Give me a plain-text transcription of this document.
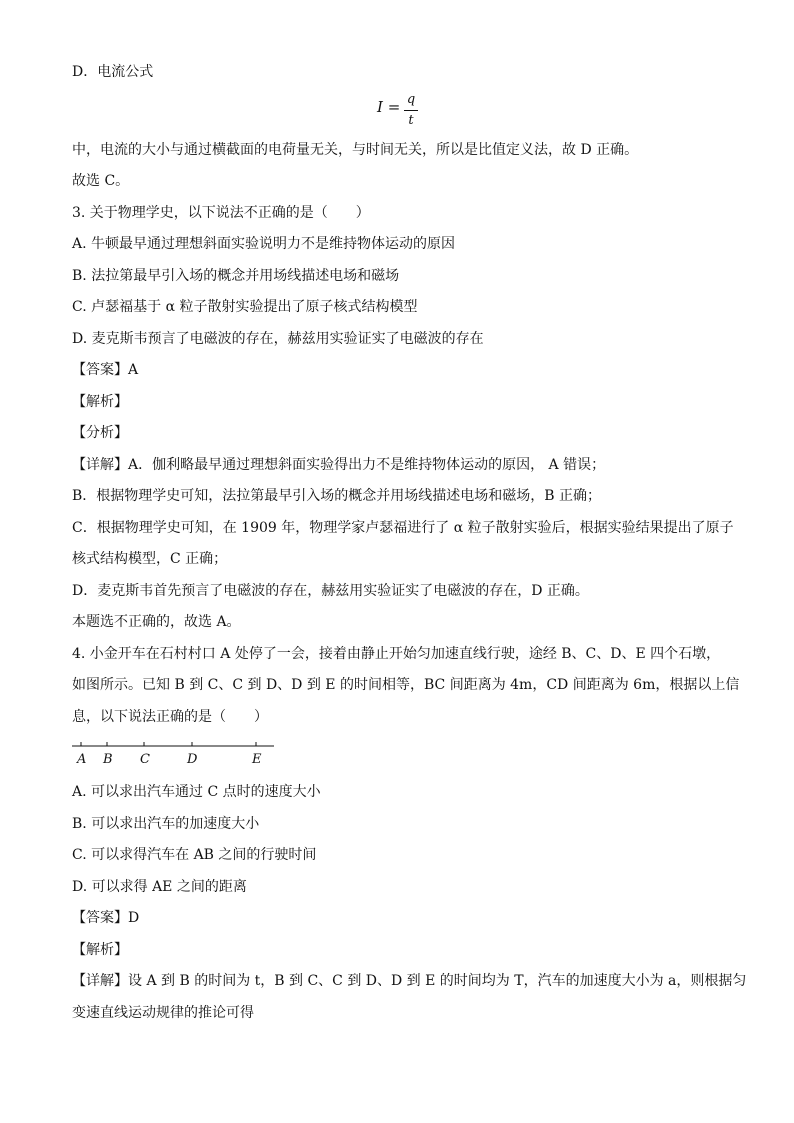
D．电流公式
I = q
t
中，电流的大小与通过横截面的电荷量无关，与时间无关，所以是比值定义法，故 D 正确。
故选 C。
3. 关于物理学史，以下说法不正确的是（　　）
A. 牛顿最早通过理想斜面实验说明力不是维持物体运动的原因
B. 法拉第最早引入场的概念并用场线描述电场和磁场
C. 卢瑟福基于 α 粒子散射实验提出了原子核式结构模型
D. 麦克斯韦预言了电磁波的存在，赫兹用实验证实了电磁波的存在
【答案】A
【解析】
【分析】
【详解】A．伽利略最早通过理想斜面实验得出力不是维持物体运动的原因， A 错误；
B．根据物理学史可知，法拉第最早引入场的概念并用场线描述电场和磁场，B 正确；
C．根据物理学史可知，在 1909 年，物理学家卢瑟福进行了 α 粒子散射实验后，根据实验结果提出了原子
核式结构模型，C 正确；
D．麦克斯韦首先预言了电磁波的存在，赫兹用实验证实了电磁波的存在，D 正确。
本题选不正确的，故选 A。
4. 小金开车在石村村口 A 处停了一会，接着由静止开始匀加速直线行驶，途经 B、C、D、E 四个石墩，
如图所示。已知 B 到 C、C 到 D、D 到 E 的时间相等，BC 间距离为 4m，CD 间距离为 6m，根据以上信
息，以下说法正确的是（　　）
A B C	D	E
A. 可以求出汽车通过 C 点时的速度大小
B. 可以求出汽车的加速度大小
C. 可以求得汽车在 AB 之间的行驶时间
D. 可以求得 AE 之间的距离
【答案】D
【解析】
【详解】设 A 到 B 的时间为 t，B 到 C、C 到 D、D 到 E 的时间均为 T，汽车的加速度大小为 a，则根据匀
变速直线运动规律的推论可得
